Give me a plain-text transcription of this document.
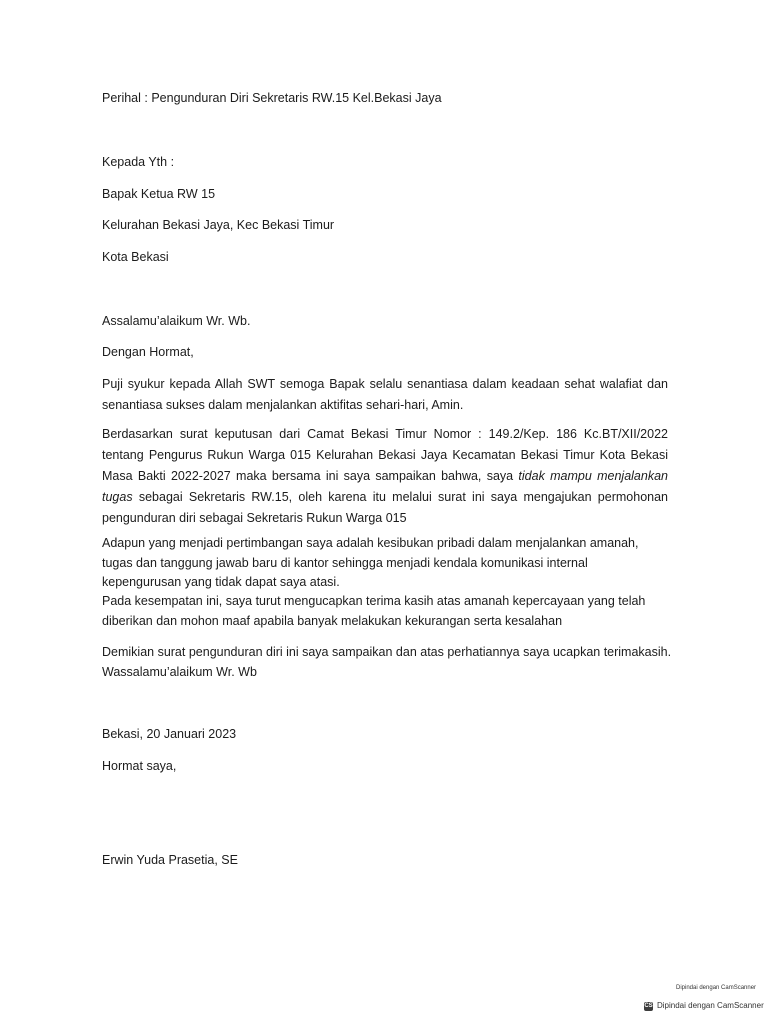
Perihal : Pengunduran Diri Sekretaris RW.15 Kel.Bekasi Jaya
Kepada Yth :
Bapak Ketua RW 15
Kelurahan Bekasi Jaya, Kec Bekasi Timur
Kota Bekasi
Assalamu’alaikum Wr. Wb.
Dengan Hormat,

Puji syukur kepada Allah SWT semoga Bapak selalu senantiasa dalam keadaan sehat walafiat dan senantiasa sukses dalam menjalankan aktifitas sehari-hari, Amin.

Berdasarkan surat keputusan dari Camat Bekasi Timur Nomor : 149.2/Kep. 186 Kc.BT/XII/2022 tentang Pengurus Rukun Warga 015 Kelurahan Bekasi Jaya Kecamatan Bekasi Timur Kota Bekasi Masa Bakti 2022-2027 maka bersama ini saya sampaikan bahwa, saya tidak mampu menjalankan tugas sebagai Sekretaris RW.15, oleh karena itu melalui surat ini saya mengajukan permohonan pengunduran diri sebagai Sekretaris Rukun Warga 015

Adapun yang menjadi pertimbangan saya adalah kesibukan pribadi dalam menjalankan amanah, tugas dan tanggung jawab baru di kantor sehingga menjadi kendala komunikasi internal kepengurusan yang tidak dapat saya atasi.

Pada kesempatan ini, saya turut mengucapkan terima kasih atas amanah kepercayaan yang telah diberikan dan mohon maaf apabila banyak melakukan kekurangan serta kesalahan

Demikian surat pengunduran diri ini saya sampaikan dan atas perhatiannya saya ucapkan terimakasih.
Wassalamu’alaikum Wr. Wb
Bekasi, 20 Januari 2023
Hormat saya,
Erwin Yuda Prasetia, SE
Dipindai dengan CamScanner
CS Dipindai dengan CamScanner
